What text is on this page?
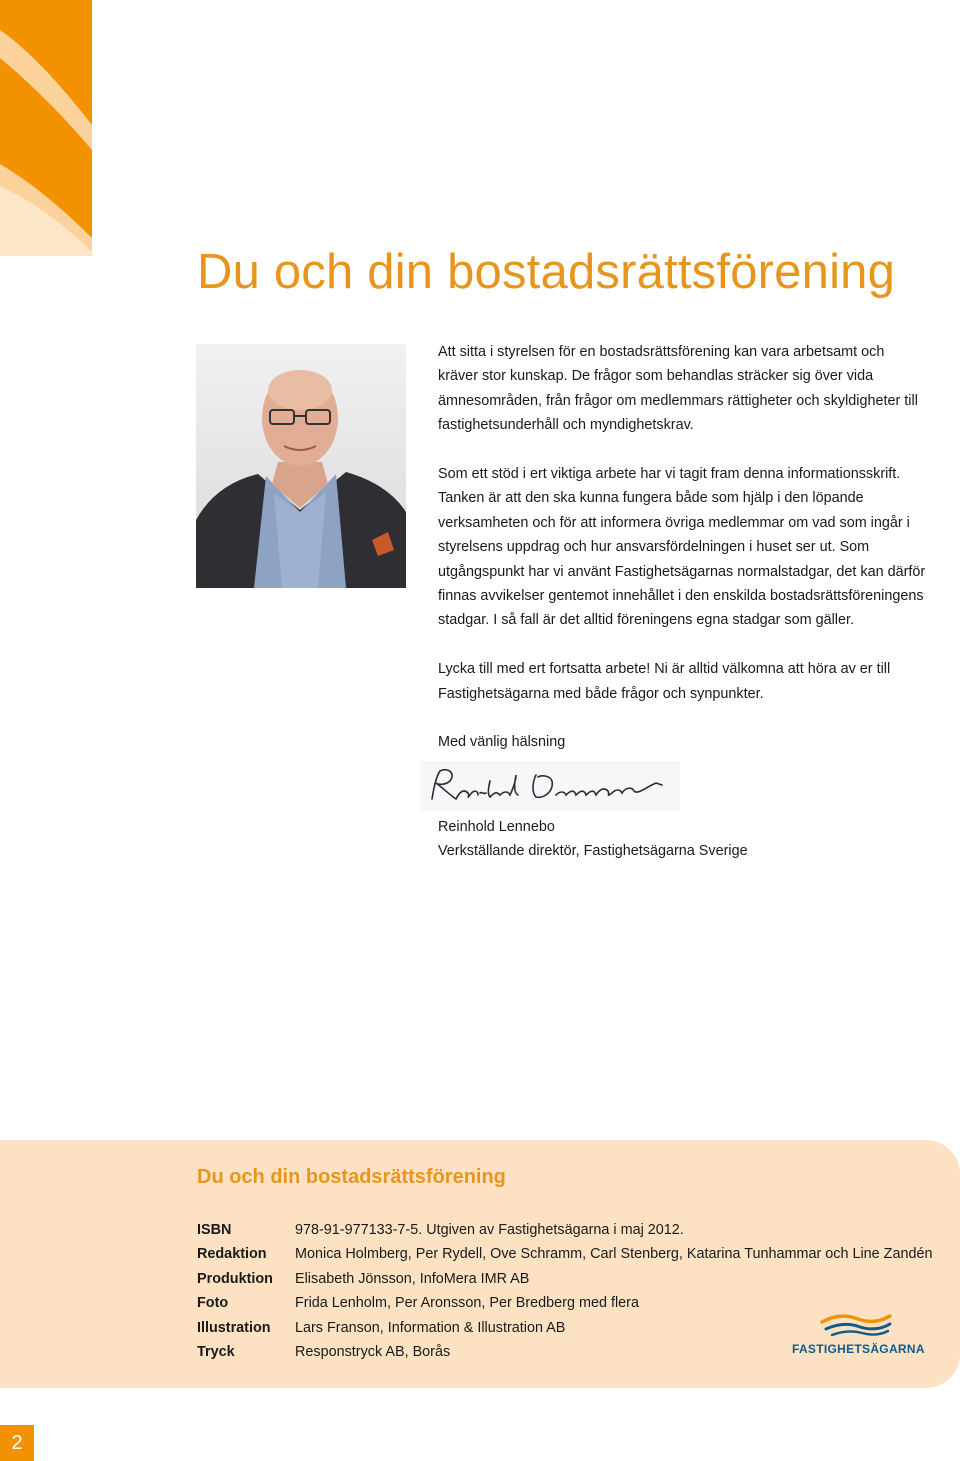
Du och din bostadsrättsförening

Att sitta i styrelsen för en bostadsrättsförening kan vara arbetsamt och kräver stor kunskap. De frågor som behandlas sträcker sig över vida ämnesområden, från frågor om medlemmars rättigheter och skyldigheter till fastighetsunderhåll och myndighetskrav.

Som ett stöd i ert viktiga arbete har vi tagit fram denna informationsskrift. Tanken är att den ska kunna fungera både som hjälp i den löpande verksamheten och för att informera övriga medlemmar om vad som ingår i styrelsens uppdrag och hur ansvarsfördelningen i huset ser ut. Som utgångspunkt har vi använt Fastighetsägarnas normalstadgar, det kan därför finnas avvikelser gentemot innehållet i den enskilda bostadsrättsföreningens stadgar. I så fall är det alltid föreningens egna stadgar som gäller.

Lycka till med ert fortsatta arbete! Ni är alltid välkomna att höra av er till Fastighetsägarna med både frågor och synpunkter.

Med vänlig hälsning

Reinhold Lennebo
Verkställande direktör, Fastighetsägarna Sverige
Du och din bostadsrättsförening
ISBN	978-91-977133-7-5. Utgiven av Fastighetsägarna i maj 2012.
Redaktion	Monica Holmberg, Per Rydell, Ove Schramm, Carl Stenberg, Katarina Tunhammar och Line Zandén
Produktion	Elisabeth Jönsson, InfoMera IMR AB
Foto	Frida Lenholm, Per Aronsson, Per Bredberg med flera
Illustration	Lars Franson, Information & Illustration AB
Tryck	Responstryck AB, Borås	FASTIGHETSÄGARNA
2
